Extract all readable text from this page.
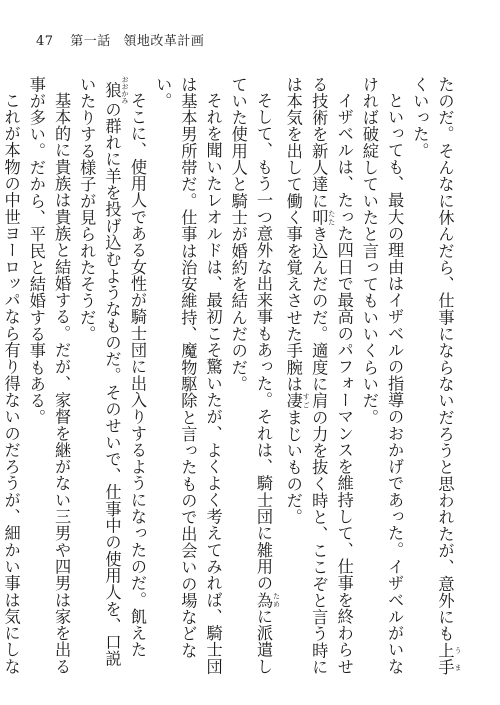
47 第一話 領地改革計画

たのだ。そんなに休んだら、仕事にならないだろうと思われたが、意外にも上手 うまくいった。

といっても、最大の理由はイザベルの指導のおかげであった。イザベルがいなければ破綻していたと言ってもいいくらいだ。

イザベルは、たった四日で最高のパフォーマンスを維持して、仕事を終わらせる技術を新人達に叩 たたき込んだのだ。適度に肩の力を抜く時と、ここぞと言う時には本気を出して働く事を覚えさせた手腕は凄 すごまじいものだ。

そして、もう一つ意外な出来事もあった。それは、騎士団に雑用の為 ために派遣していた使用人と騎士が婚約を結んだのだ。

それを聞いたレオルドは、最初こそ驚いたが、よくよく考えてみれば、騎士団は基本男所帯だ。仕事は治安維持、魔物駆除と言ったもので出会いの場などない。

そこに、使用人である女性が騎士団に出入りするようになったのだ。飢えた狼 おおかみの群れに羊を投げ込むようなものだ。そのせいで、仕事中の使用人を、口説いたりする様子が見られたそうだ。

基本的に貴族は貴族と結婚する。だが、家督を継がない三男や四男は家を出る事が多い。だから、平民と結婚する事もある。

これが本物の中世ヨーロッパなら有り得ないのだろうが、細かい事は気にしな
